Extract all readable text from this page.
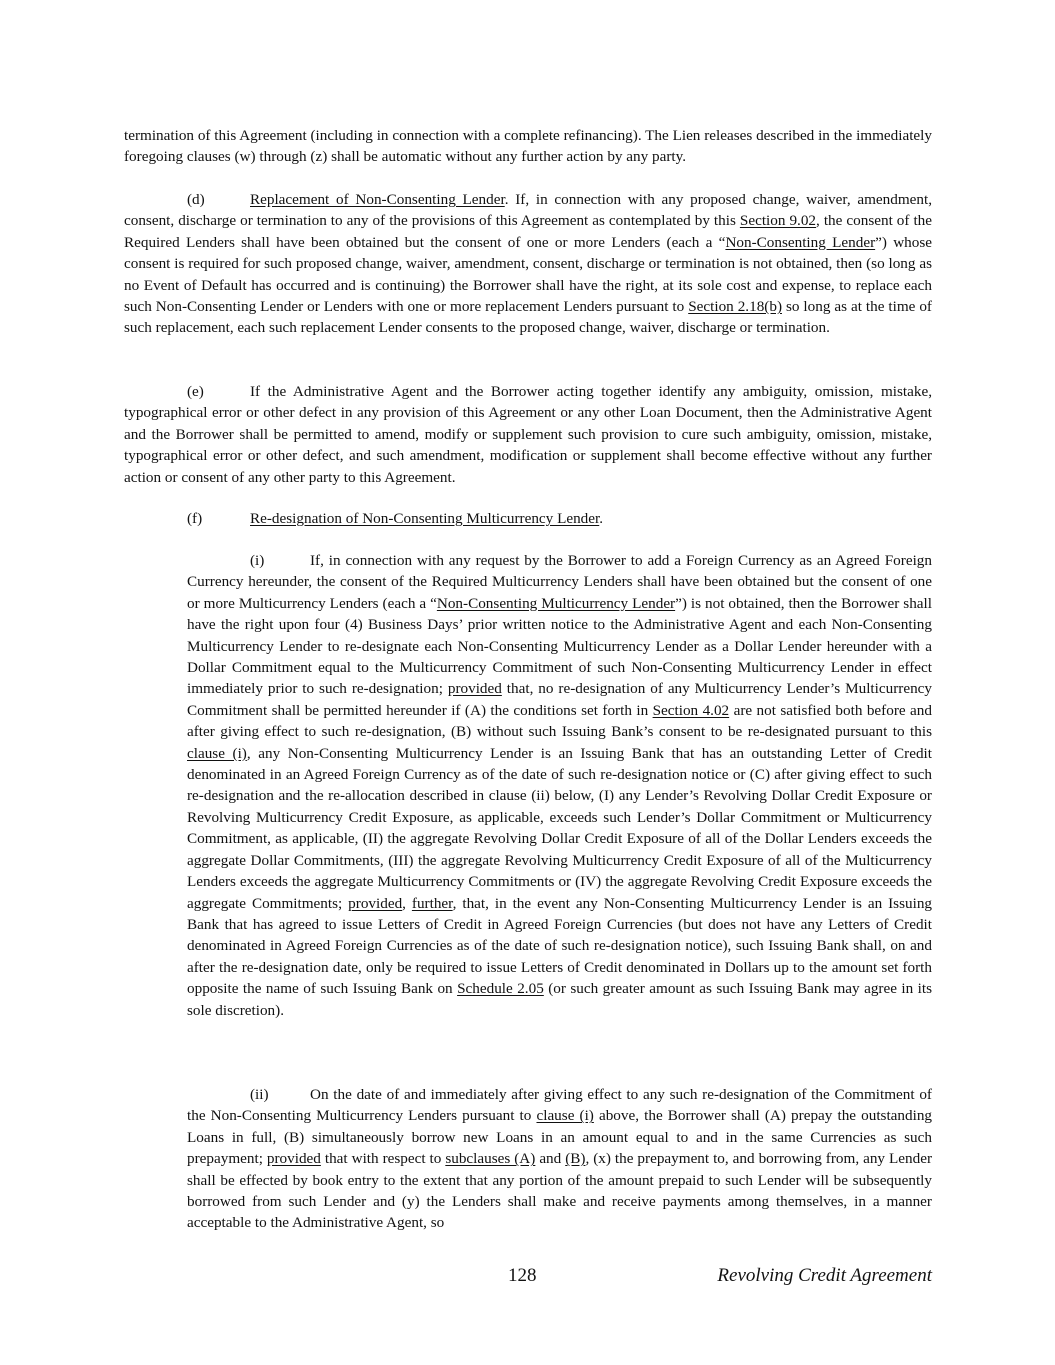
termination of this Agreement (including in connection with a complete refinancing). The Lien releases described in the immediately foregoing clauses (w) through (z) shall be automatic without any further action by any party.

(d)	Replacement of Non-Consenting Lender. If, in connection with any proposed change, waiver, amendment, consent, discharge or termination to any of the provisions of this Agreement as contemplated by this Section 9.02, the consent of the Required Lenders shall have been obtained but the consent of one or more Lenders (each a “Non-Consenting Lender”) whose consent is required for such proposed change, waiver, amendment, consent, discharge or termination is not obtained, then (so long as no Event of Default has occurred and is continuing) the Borrower shall have the right, at its sole cost and expense, to replace each such Non-Consenting Lender or Lenders with one or more replacement Lenders pursuant to Section 2.18(b) so long as at the time of such replacement, each such replacement Lender consents to the proposed change, waiver, discharge or termination.

(e)	If the Administrative Agent and the Borrower acting together identify any ambiguity, omission, mistake, typographical error or other defect in any provision of this Agreement or any other Loan Document, then the Administrative Agent and the Borrower shall be permitted to amend, modify or supplement such provision to cure such ambiguity, omission, mistake, typographical error or other defect, and such amendment, modification or supplement shall become effective without any further action or consent of any other party to this Agreement.

(f)	Re-designation of Non-Consenting Multicurrency Lender.

(i)	If, in connection with any request by the Borrower to add a Foreign Currency as an Agreed Foreign Currency hereunder, the consent of the Required Multicurrency Lenders shall have been obtained but the consent of one or more Multicurrency Lenders (each a “Non-Consenting Multicurrency Lender”) is not obtained, then the Borrower shall have the right upon four (4) Business Days’ prior written notice to the Administrative Agent and each Non-Consenting Multicurrency Lender to re-designate each Non-Consenting Multicurrency Lender as a Dollar Lender hereunder with a Dollar Commitment equal to the Multicurrency Commitment of such Non-Consenting Multicurrency Lender in effect immediately prior to such re-designation; provided that, no re-designation of any Multicurrency Lender’s Multicurrency Commitment shall be permitted hereunder if (A) the conditions set forth in Section 4.02 are not satisfied both before and after giving effect to such re-designation, (B) without such Issuing Bank’s consent to be re-designated pursuant to this clause (i), any Non-Consenting Multicurrency Lender is an Issuing Bank that has an outstanding Letter of Credit denominated in an Agreed Foreign Currency as of the date of such re-designation notice or (C) after giving effect to such re-designation and the re-allocation described in clause (ii) below, (I) any Lender’s Revolving Dollar Credit Exposure or Revolving Multicurrency Credit Exposure, as applicable, exceeds such Lender’s Dollar Commitment or Multicurrency Commitment, as applicable, (II) the aggregate Revolving Dollar Credit Exposure of all of the Dollar Lenders exceeds the aggregate Dollar Commitments, (III) the aggregate Revolving Multicurrency Credit Exposure of all of the Multicurrency Lenders exceeds the aggregate Multicurrency Commitments or (IV) the aggregate Revolving Credit Exposure exceeds the aggregate Commitments; provided, further, that, in the event any Non-Consenting Multicurrency Lender is an Issuing Bank that has agreed to issue Letters of Credit in Agreed Foreign Currencies (but does not have any Letters of Credit denominated in Agreed Foreign Currencies as of the date of such re-designation notice), such Issuing Bank shall, on and after the re-designation date, only be required to issue Letters of Credit denominated in Dollars up to the amount set forth opposite the name of such Issuing Bank on Schedule 2.05 (or such greater amount as such Issuing Bank may agree in its sole discretion).

(ii)	On the date of and immediately after giving effect to any such re-designation of the Commitment of the Non-Consenting Multicurrency Lenders pursuant to clause (i) above, the Borrower shall (A) prepay the outstanding Loans in full, (B) simultaneously borrow new Loans in an amount equal to and in the same Currencies as such prepayment; provided that with respect to subclauses (A) and (B), (x) the prepayment to, and borrowing from, any Lender shall be effected by book entry to the extent that any portion of the amount prepaid to such Lender will be subsequently borrowed from such Lender and (y) the Lenders shall make and receive payments among themselves, in a manner acceptable to the Administrative Agent, so

128	Revolving Credit Agreement
